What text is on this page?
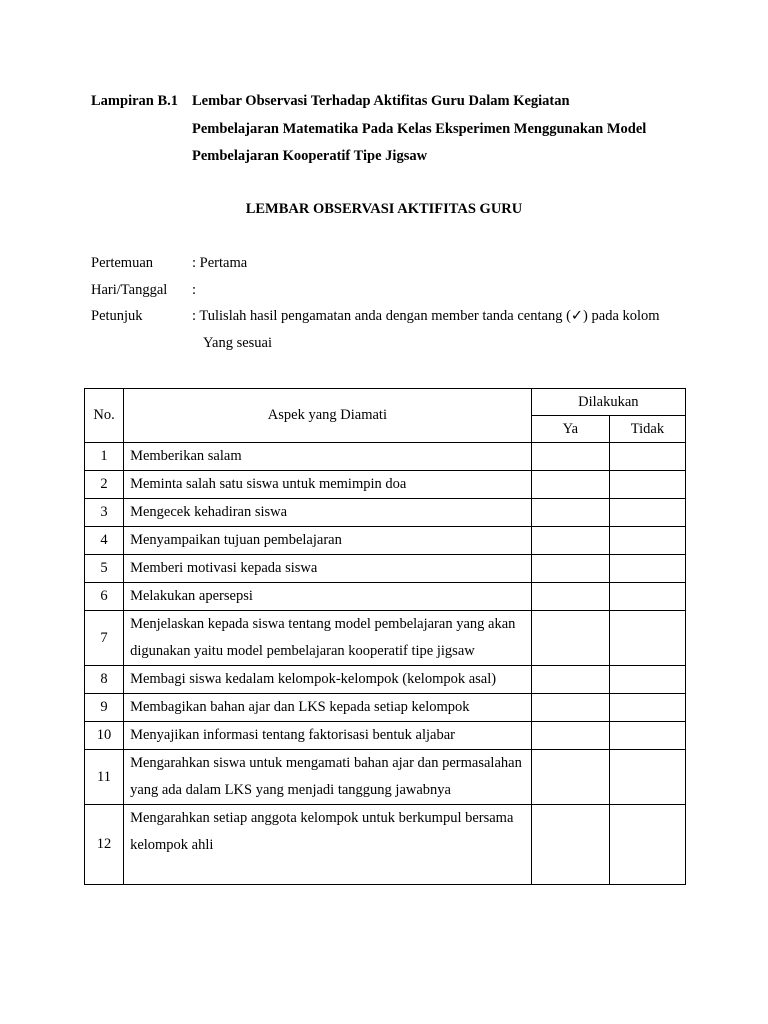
Lampiran B.1 Lembar Observasi Terhadap Aktifitas Guru Dalam Kegiatan
Pembelajaran Matematika Pada Kelas Eksperimen Menggunakan Model
Pembelajaran Kooperatif Tipe Jigsaw
LEMBAR OBSERVASI AKTIFITAS GURU
Pertemuan	: Pertama
Hari/Tanggal :
Petunjuk	: Tulislah hasil pengamatan anda dengan member tanda centang (✓) pada kolom
Yang sesuai
No.	Aspek yang Diamati	Dilakukan	
		Ya	Tidak
1	Memberikan salam		

2	Meminta salah satu siswa untuk memimpin doa		

3	Mengecek kehadiran siswa		

4	Menyampaikan tujuan pembelajaran		

5	Memberi motivasi kepada siswa		

6	Melakukan apersepsi		

7	Menjelaskan kepada siswa tentang model pembelajaran yang akan digunakan yaitu model pembelajaran kooperatif tipe jigsaw		

8	Membagi siswa kedalam kelompok-kelompok (kelompok asal)		

9	Membagikan bahan ajar dan LKS kepada setiap kelompok		

10	Menyajikan informasi tentang faktorisasi bentuk aljabar		

11	Mengarahkan siswa untuk mengamati bahan ajar dan permasalahan yang ada dalam LKS yang menjadi tanggung jawabnya		

12	Mengarahkan setiap anggota kelompok untuk berkumpul bersama kelompok ahli		
